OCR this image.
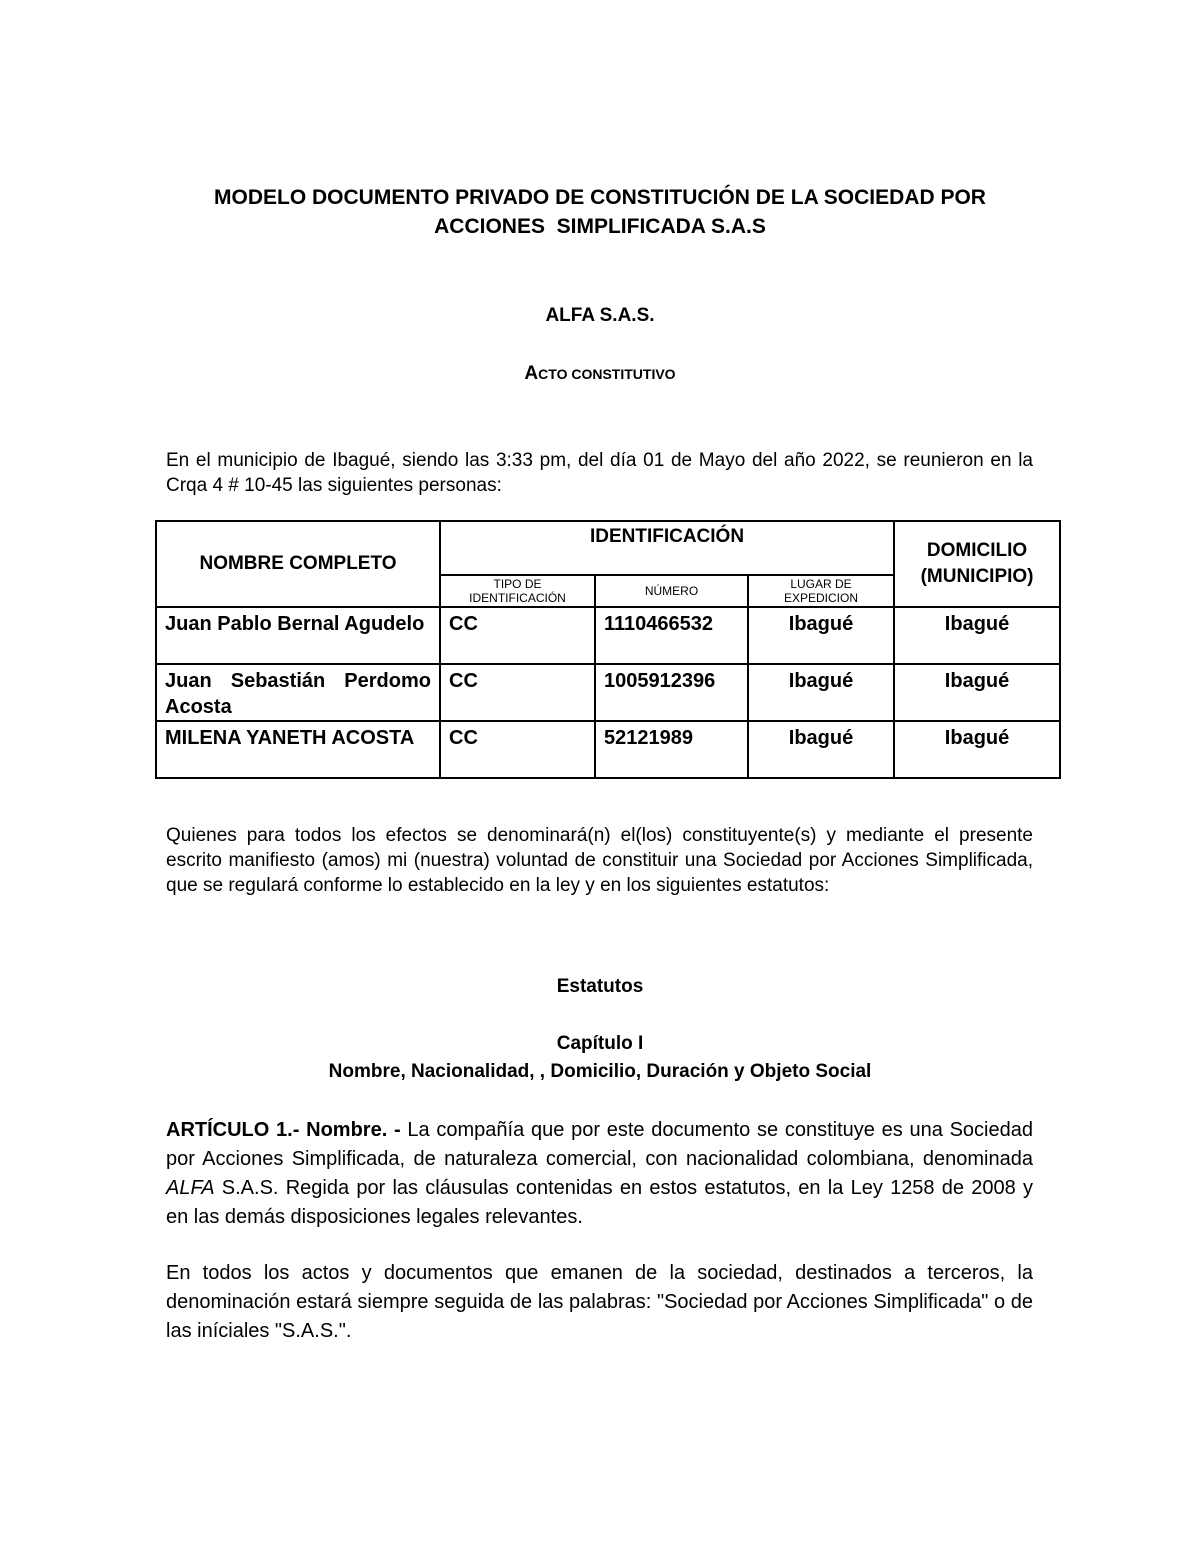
MODELO DOCUMENTO PRIVADO DE CONSTITUCIÓN DE LA SOCIEDAD POR
ACCIONES  SIMPLIFICADA S.A.S
ALFA S.A.S.
ACTO CONSTITUTIVO
En el municipio de Ibagué, siendo las 3:33 pm, del día 01 de Mayo del año 2022, se reunieron en la  Crqa 4 # 10-45 las siguientes personas:
NOMBRE COMPLETO	IDENTIFICACIÓN			DOMICILIO (MUNICIPIO)
	TIPO DE IDENTIFICACIÓN	NÚMERO	LUGAR DE EXPEDICION	
Juan Pablo Bernal Agudelo	CC	1110466532	Ibagué	Ibagué
Juan Sebastián Perdomo Acosta	CC	1005912396	Ibagué	Ibagué
MILENA YANETH ACOSTA	CC	52121989	Ibagué	Ibagué
Quienes para todos los efectos se denominará(n) el(los) constituyente(s) y mediante el presente escrito manifiesto (amos) mi (nuestra) voluntad de constituir una Sociedad por Acciones Simplificada, que se regulará conforme lo establecido en la ley y en los siguientes estatutos:
Estatutos
Capítulo I
Nombre, Nacionalidad, , Domicilio, Duración y Objeto Social
ARTÍCULO 1.- Nombre. - La compañía que por este documento se constituye es una Sociedad por Acciones Simplificada, de naturaleza comercial, con nacionalidad colombiana, denominada ALFA S.A.S. Regida por las cláusulas contenidas en estos estatutos, en la Ley 1258 de 2008 y en las demás disposiciones legales relevantes.
En todos los actos y documentos que emanen de la sociedad, destinados a terceros, la denominación estará siempre seguida de las palabras: "Sociedad por Acciones Simplificada" o de las iníciales "S.A.S.".
